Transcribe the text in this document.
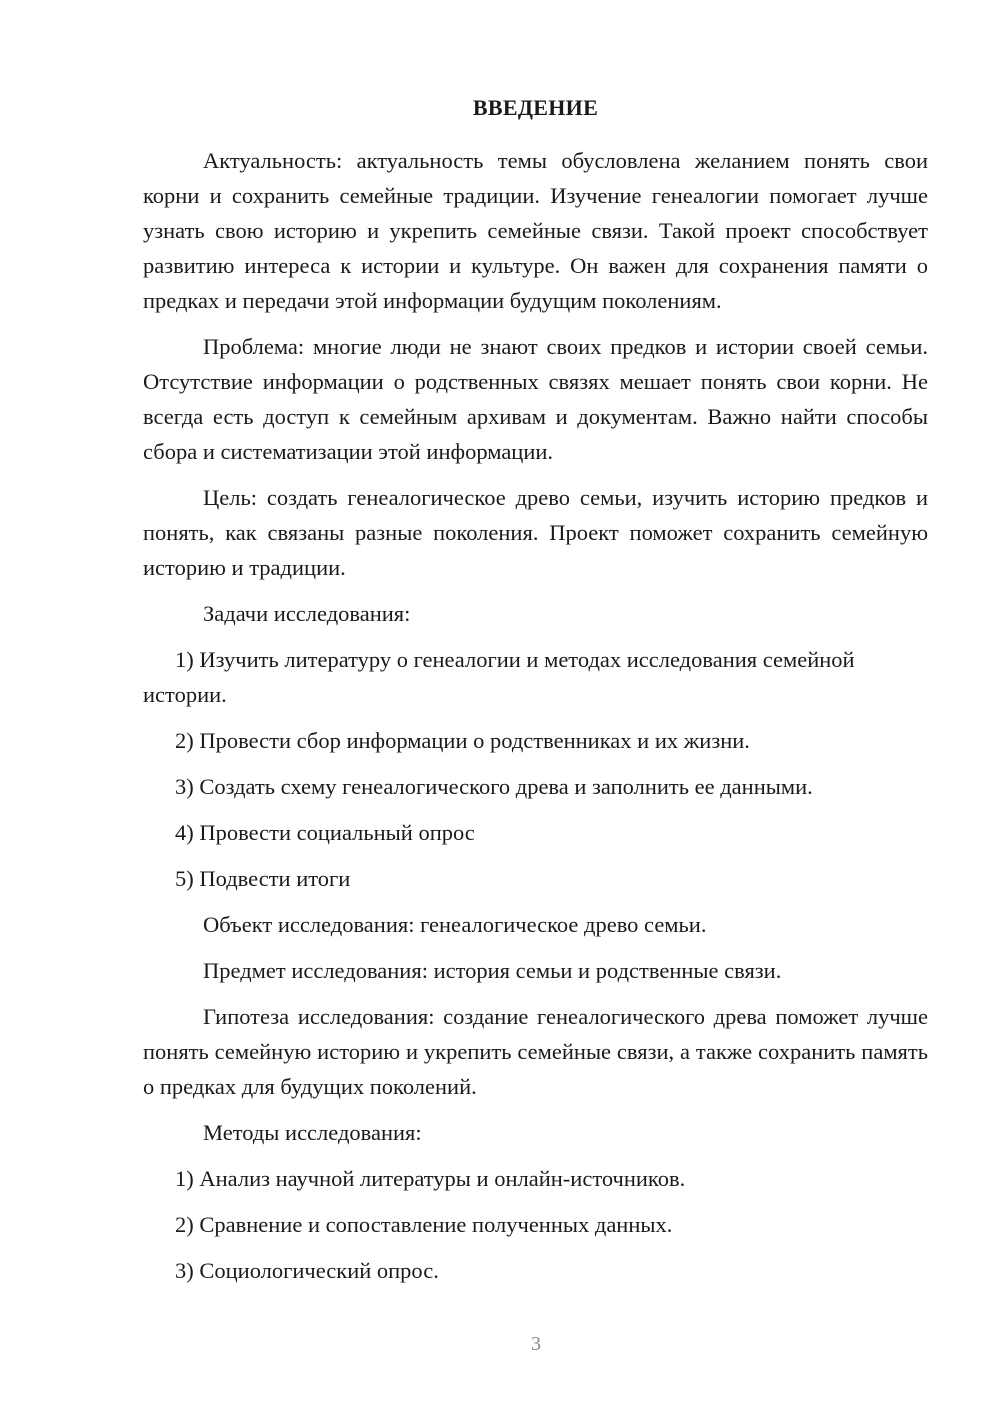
ВВЕДЕНИЕ

Актуальность: актуальность темы обусловлена желанием понять свои корни и сохранить семейные традиции. Изучение генеалогии помогает лучше узнать свою историю и укрепить семейные связи. Такой проект способствует развитию интереса к истории и культуре. Он важен для сохранения памяти о предках и передачи этой информации будущим поколениям.

Проблема: многие люди не знают своих предков и истории своей семьи. Отсутствие информации о родственных связях мешает понять свои корни. Не всегда есть доступ к семейным архивам и документам. Важно найти способы сбора и систематизации этой информации.

Цель: создать генеалогическое древо семьи, изучить историю предков и понять, как связаны разные поколения. Проект поможет сохранить семейную историю и традиции.

Задачи исследования:

1) Изучить литературу о генеалогии и методах исследования семейной истории.

2) Провести сбор информации о родственниках и их жизни.

3) Создать схему генеалогического древа и заполнить ее данными.

4) Провести социальный опрос

5) Подвести итоги

Объект исследования: генеалогическое древо семьи.

Предмет исследования: история семьи и родственные связи.

Гипотеза исследования: создание генеалогического древа поможет лучше понять семейную историю и укрепить семейные связи, а также сохранить память о предках для будущих поколений.

Методы исследования:

1) Анализ научной литературы и онлайн-источников.

2) Сравнение и сопоставление полученных данных.

3) Социологический опрос.

3
